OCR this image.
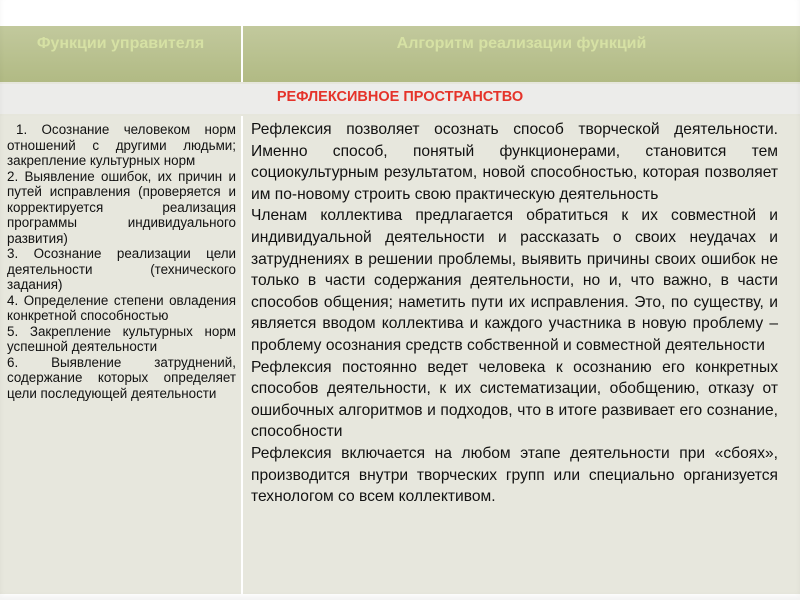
Функции управителя	Алгоритм реализации функций
РЕФЛЕКСИВНОЕ ПРОСТРАНСТВО

1. Осознание человеком норм отношений с другими людьми; закрепление культурных норм

2. Выявление ошибок, их причин и путей исправления (проверяется и корректируется реализация программы индивидуального развития)

3. Осознание реализации цели деятельности (технического задания)

4. Определение степени овладения конкретной способностью

5. Закрепление культурных норм успешной деятельности

6. Выявление затруднений, содержание которых определяет цели последующей деятельности

Рефлексия позволяет осознать способ творческой деятельности. Именно способ, понятый функционерами, становится тем социокультурным результатом, новой способностью, которая позволяет им по-новому строить свою практическую деятельность

Членам коллектива предлагается обратиться к их совместной и индивидуальной деятельности и рассказать о своих неудачах и затруднениях в решении проблемы, выявить причины своих ошибок не только в части содержания деятельности, но и, что важно, в части способов общения; наметить пути их исправления. Это, по существу, и является вводом коллектива и каждого участника в новую проблему – проблему осознания средств собственной и совместной деятельности

Рефлексия постоянно ведет человека к осознанию его конкретных способов деятельности, к их систематизации, обобщению, отказу от ошибочных алгоритмов и подходов, что в итоге развивает его сознание, способности

Рефлексия включается на любом этапе деятельности при «сбоях», производится внутри творческих групп или специально организуется технологом со всем коллективом.
